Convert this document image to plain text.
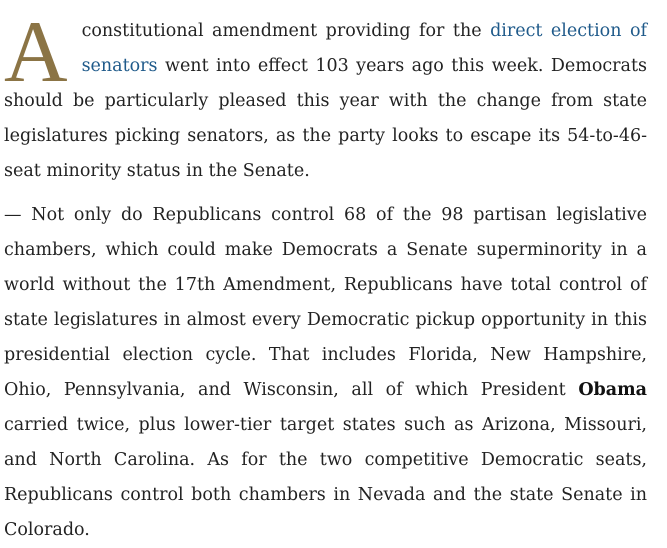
A constitutional amendment providing for the direct election of senators went into effect 103 years ago this week. Democrats should be particularly pleased this year with the change from state legislatures picking senators, as the party looks to escape its 54-to-46-seat minority status in the Senate.

— Not only do Republicans control 68 of the 98 partisan legislative chambers, which could make Democrats a Senate superminority in a world without the 17th Amendment, Republicans have total control of state legislatures in almost every Democratic pickup opportunity in this presidential election cycle. That includes Florida, New Hampshire, Ohio, Pennsylvania, and Wisconsin, all of which President Obama carried twice, plus lower-tier target states such as Arizona, Missouri, and North Carolina. As for the two competitive Democratic seats, Republicans control both chambers in Nevada and the state Senate in Colorado.
